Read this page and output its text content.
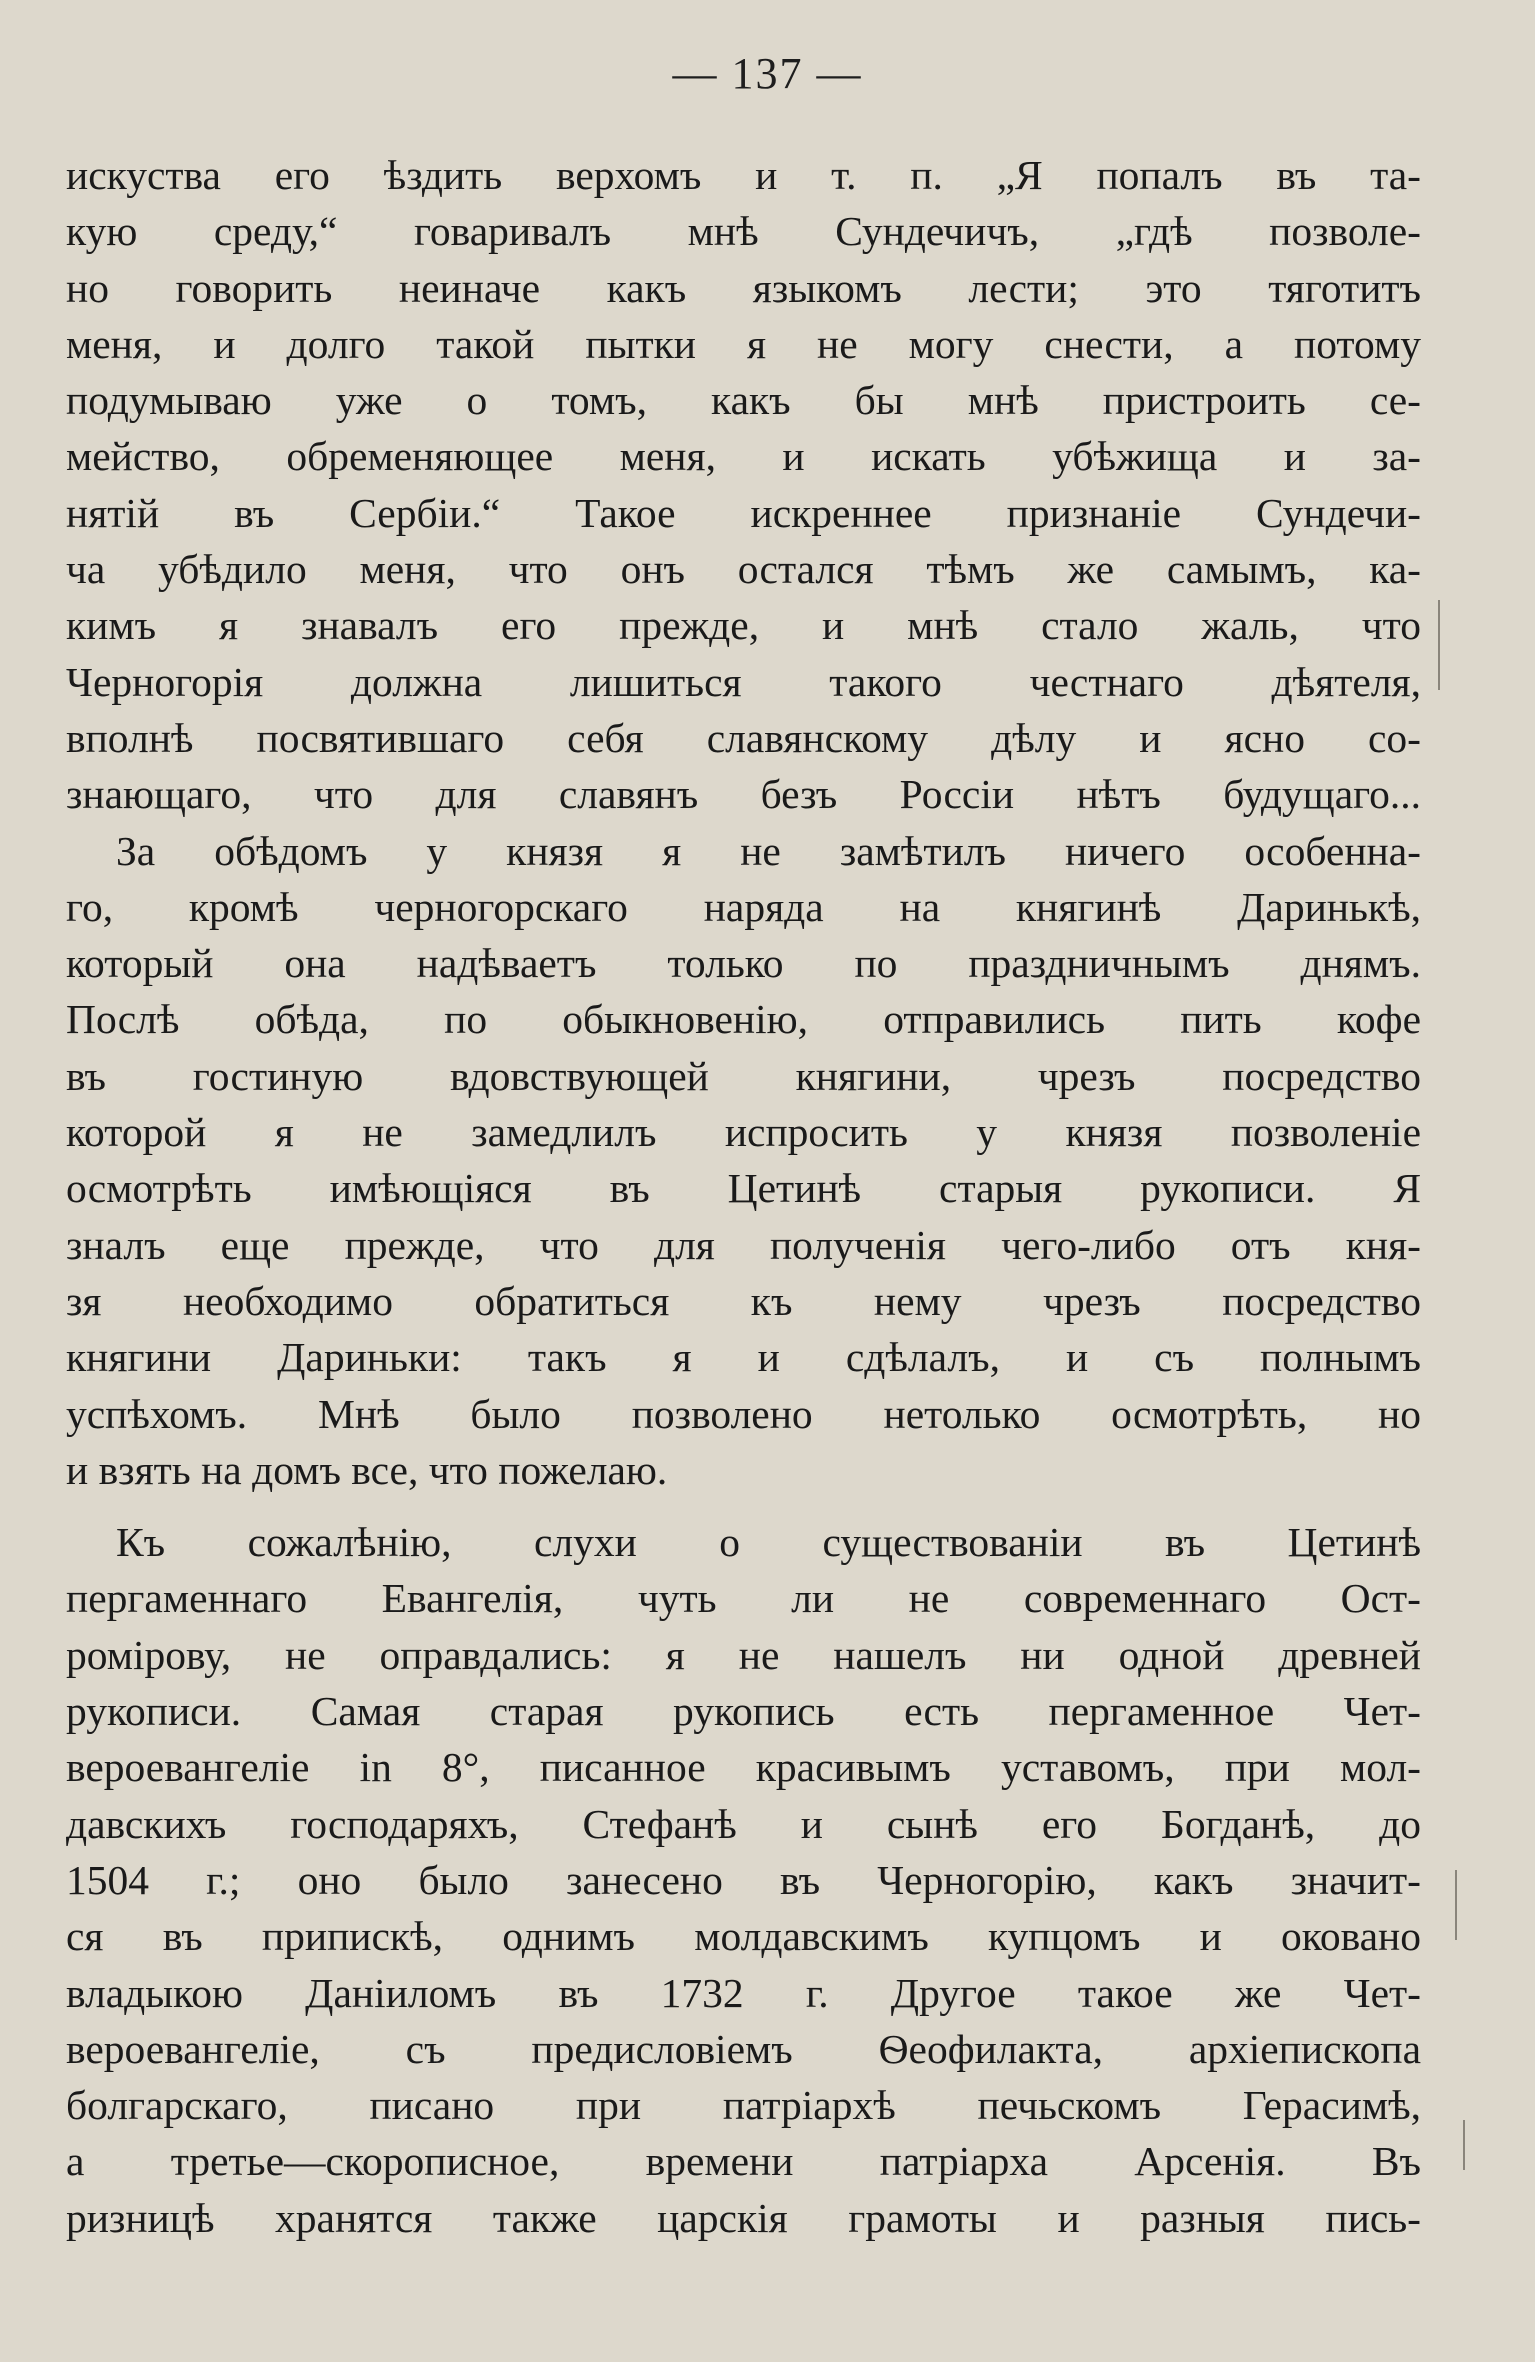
— 137 —
искуства его ѣздить верхомъ и т. п. „Я попалъ въ та-
кую среду,“ говаривалъ мнѣ Сундечичъ, „гдѣ позволе-
но говорить неиначе какъ языкомъ лести; это тяготитъ
меня, и долго такой пытки я не могу снести, а потому
подумываю уже о томъ, какъ бы мнѣ пристроить се-
мейство, обременяющее меня, и искать убѣжища и за-
нятій въ Сербіи.“ Такое искреннее признаніе Сундечи-
ча убѣдило меня, что онъ остался тѣмъ же самымъ, ка-
кимъ я знавалъ его прежде, и мнѣ стало жаль, что
Черногорія должна лишиться такого честнаго дѣятеля,
вполнѣ посвятившаго себя славянскому дѣлу и ясно со-
знающаго, что для славянъ безъ Россіи нѣтъ будущаго...
За обѣдомъ у князя я не замѣтилъ ничего особенна-
го, кромѣ черногорскаго наряда на княгинѣ Даринькѣ,
который она надѣваетъ только по праздничнымъ днямъ.
Послѣ обѣда, по обыкновенію, отправились пить кофе
въ гостиную вдовствующей княгини, чрезъ посредство
которой я не замедлилъ испросить у князя позволеніе
осмотрѣть имѣющіяся въ Цетинѣ старыя рукописи. Я
зналъ еще прежде, что для полученія чего-либо отъ кня-
зя необходимо обратиться къ нему чрезъ посредство
княгини Дариньки: такъ я и сдѣлалъ, и съ полнымъ
успѣхомъ. Мнѣ было позволено нетолько осмотрѣть, но
и взять на домъ все, что пожелаю.
Къ сожалѣнію, слухи о существованіи въ Цетинѣ
пергаменнаго Евангелія, чуть ли не современнаго Ост-
ромірову, не оправдались: я не нашелъ ни одной древней
рукописи. Самая старая рукопись есть пергаменное Чет-
вероевангеліе in 8°, писанное красивымъ уставомъ, при мол-
давскихъ господаряхъ, Стефанѣ и сынѣ его Богданѣ, до
1504 г.; оно было занесено въ Черногорію, какъ значит-
ся въ припискѣ, однимъ молдавскимъ купцомъ и оковано
владыкою Даніиломъ въ 1732 г. Другое такое же Чет-
вероевангеліе, съ предисловіемъ Ѳеофилакта, архіепископа
болгарскаго, писано при патріархѣ печьскомъ Герасимѣ,
а третье—скорописное, времени патріарха Арсенія. Въ
ризницѣ хранятся также царскія грамоты и разныя пись-
